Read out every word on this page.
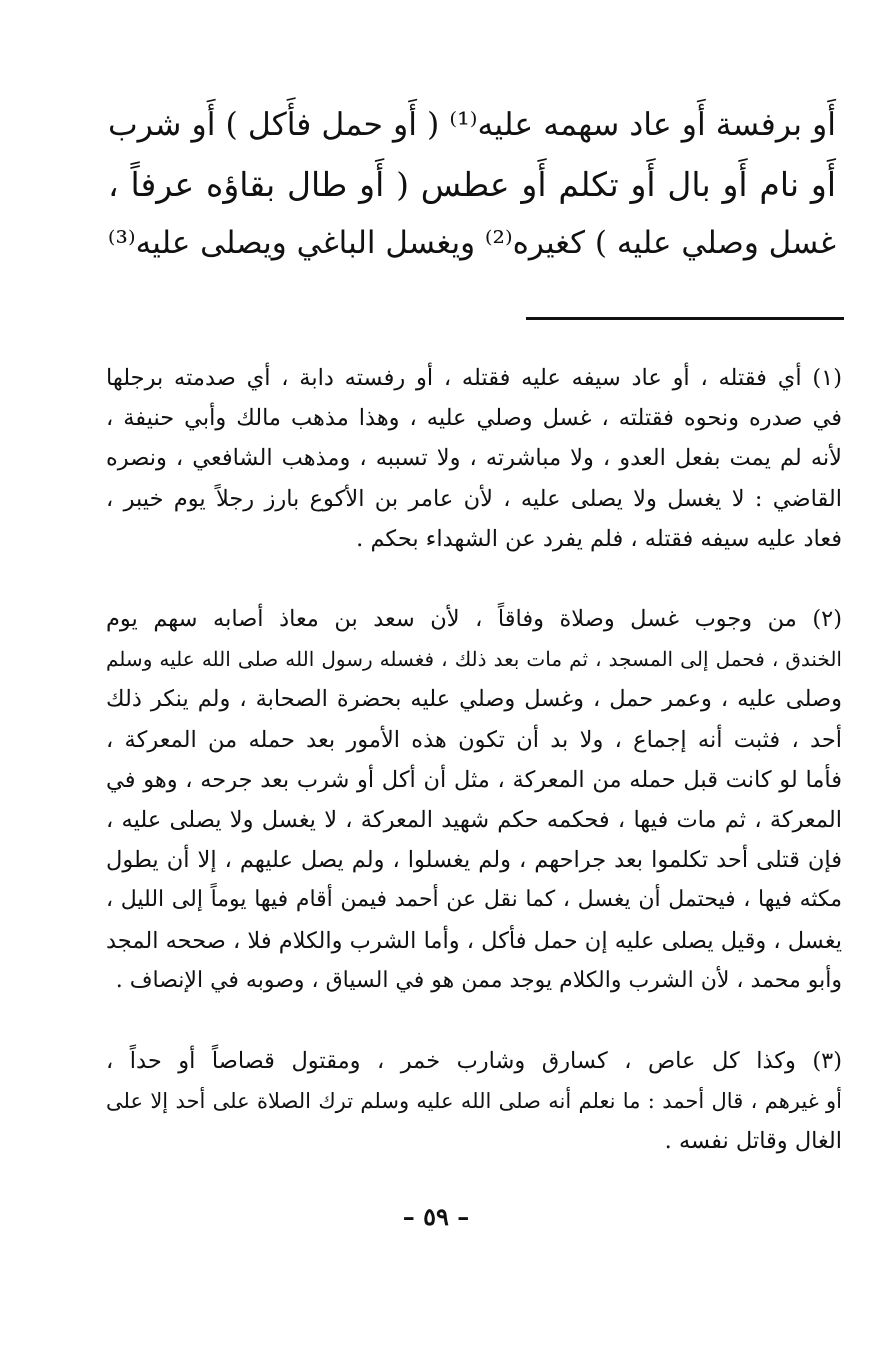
أَو برفسة أَو عاد سهمه عليه⁽¹⁾ ( أَو حمل فأَكل ) أَو شرب
أَو نام أَو بال أَو تكلم أَو عطس ( أَو طال بقاؤه عرفاً ،
غسل وصلي عليه ) كغيره⁽²⁾ ويغسل الباغي ويصلى عليه⁽³⁾
(١) أي فقتله ، أو عاد سيفه عليه فقتله ، أو رفسته دابة ، أي صدمته برجلها
في صدره ونحوه فقتلته ، غسل وصلي عليه ، وهذا مذهب مالك وأبي حنيفة ،
لأنه لم يمت بفعل العدو ، ولا مباشرته ، ولا تسببه ، ومذهب الشافعي ، ونصره
القاضي : لا يغسل ولا يصلى عليه ، لأن عامر بن الأكوع بارز رجلاً يوم خيبر ،
فعاد عليه سيفه فقتله ، فلم يفرد عن الشهداء بحكم .
(٢) من وجوب غسل وصلاة وفاقاً ، لأن سعد بن معاذ أصابه سهم يوم
الخندق ، فحمل إلى المسجد ، ثم مات بعد ذلك ، فغسله رسول الله صلى الله عليه وسلم
وصلى عليه ، وعمر حمل ، وغسل وصلي عليه بحضرة الصحابة ، ولم ينكر ذلك
أحد ، فثبت أنه إجماع ، ولا بد أن تكون هذه الأمور بعد حمله من المعركة ،
فأما لو كانت قبل حمله من المعركة ، مثل أن أكل أو شرب بعد جرحه ، وهو في
المعركة ، ثم مات فيها ، فحكمه حكم شهيد المعركة ، لا يغسل ولا يصلى عليه ،
فإن قتلى أحد تكلموا بعد جراحهم ، ولم يغسلوا ، ولم يصل عليهم ، إلا أن يطول
مكثه فيها ، فيحتمل أن يغسل ، كما نقل عن أحمد فيمن أقام فيها يوماً إلى الليل ،
يغسل ، وقيل يصلى عليه إن حمل فأكل ، وأما الشرب والكلام فلا ، صححه المجد
وأبو محمد ، لأن الشرب والكلام يوجد ممن هو في السياق ، وصوبه في الإنصاف .
(٣) وكذا كل عاص ، كسارق وشارب خمر ، ومقتول قصاصاً أو حداً ،
أو غيرهم ، قال أحمد : ما نعلم أنه صلى الله عليه وسلم ترك الصلاة على أحد إلا على
الغال وقاتل نفسه .
– ٥٩ –
